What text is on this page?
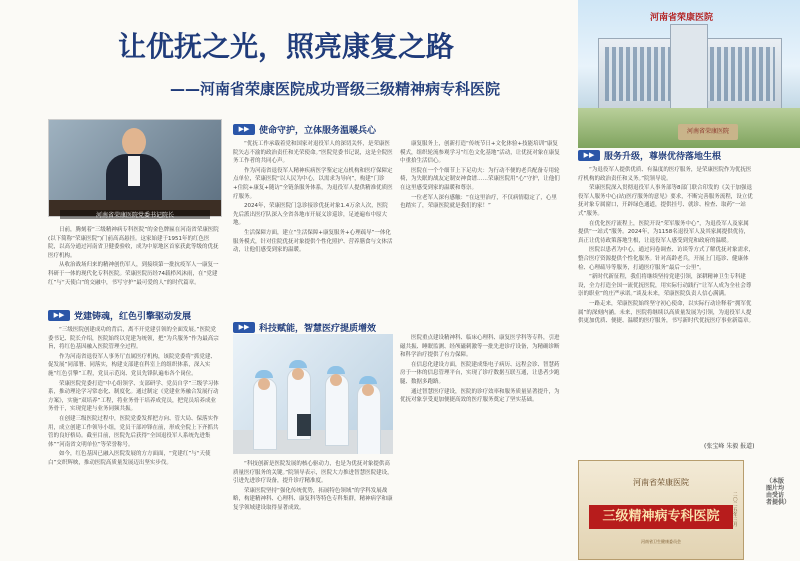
让优抚之光，照亮康复之路
——河南省荣康医院成功晋级三级精神病专科医院
河南省荣康医院
河南省荣康医院
河南省荣康医院党委书记院长

日前，腾刻着“三级精神病专科医院”的金色牌匾在河南省荣康医院(以下简称“荣康医院”)门前高高悬挂。这家始建于1951年的红色医院，以高分通过河南省卫健委验收，成为中原地区首家获此等级的优抚医疗机构。

从收治战场归来的精神创伤军人，到接续第一批抗疫军人一康复一科研于一体的现代化专科医院。荣康医院历经74载栉风沐雨，在“党建红”与“天使白”的交融中，书写守护“最可爱的人”的时代篇章。

▶▶	党建铸魂，红色引擎驱动发展

“三级医院创建成功的背后，离不开党建引领的全面发展。”医院党委书记、院长介绍，医院始终以党建为统领，把“为兵服务”作为最高宗旨，将红色基因融入医院管理全过程。

作为河南省退役军人事务厅直属医疗机构，该院党委将“抓党建、促发展”同部署、同落实，构建支部建在科室上的组织体系，深入实施“红色引擎”工程，党员示范岗、党员先锋队遍布各个岗位。

荣康医院党委打造“中心组领学、支部研学、党员自学”三级学习体系，推动理论学习常态化、制度化。通过制定《党建业务融合发展行动方案》，实施“双培养”工程，将业务骨干培养成党员，把党员培养成业务骨干，实现党建与业务同频共振。

在创建三级医院过程中，医院党委发挥把方向、管大局、保落实作用，成立创建工作领导小组，党员干部冲锋在前，形成全院上下齐抓共管的良好格局。截至目前，医院先后获得“全国退役军人系统先进集体”“河南省文明单位”等荣誉称号。

如今，红色基因已融入医院发展的方方面面，“党建红”与“天使白”交织辉映，推动医院高质量发展迈出坚实步伐。

▶▶	使命守护，立体服务温暖兵心

“优抚工作承载着党和国家对退役军人的深切关怀，是荣康医院矢志不渝的政治责任和光荣使命。”医院党委书记说，这是全院医务工作者的共同心声。

作为河南省退役军人精神疾病医学鉴定定点机构和医疗保障定点单位，荣康医院“以人民为中心，以需求为导向”，构建“门诊+住院+康复+随访”全链条服务体系，为退役军人提供精准优质医疗服务。

2024年，荣康医院门急诊接诊优抚对象1.4万余人次，医院先后派出医疗队深入全省各地市开展义诊巡诊，足迹遍布中原大地。

生活保障方面，建立“生活保障+康复服务+心理疏导”一体化服务模式，针对住院优抚对象提供个性化照护、营养膳食与文体活动，让他们感受到家的温暖。

康复服务上，创新打造“传统节日+文化体验+技能培训”康复模式，组织轮流参观学习“红色文化基地”活动，让优抚对象在康复中重拾生活信心。

医院在一个个细节上下足功夫：为行动不便的老兵配备专用轮椅，为失眠的战友定制安神食谱……荣康医院用“心”守护，让他们在这里感受到家的温暖和尊崇。

一位老军人深有感触：“在这里治疗，不仅病情稳定了，心里也踏实了，荣康医院就是我们的家！”

▶▶	科技赋能，智慧医疗提质增效

“科技创新是医院发展的核心驱动力，也是为优抚对象提供高质量医疗服务的关键。”院领导表示，医院大力推进智慧医院建设，引进先进诊疗设备，提升诊疗精准度。

荣康医院坚持“强化传统优势，拓展特色领域”的学科发展战略，构建精神科、心理科、康复科等特色专科集群，精神病学和康复学领域建设取得显著成效。

医院重点建设精神科、临床心理科、康复医学科等专科，引进磁共振、睡眠监测、经颅磁刺激等一批先进诊疗设备，为精确诊断和科学治疗提供了有力保障。

在信息化建设方面，医院建成集电子病历、远程会诊、智慧药房于一体的信息管理平台，实现了诊疗数据互联互通，让患者少跑腿、数据多跑路。

通过智慧医疗建设，医院的诊疗效率和服务质量显著提升，为优抚对象享受更加便捷高效的医疗服务奠定了坚实基础。

▶▶	服务升级，尊崇优待落地生根

“为退役军人提供优质、有温度的医疗服务，是荣康医院作为优抚医疗机构的政治责任和义务。”院领导说。

荣康医院深入贯彻退役军人事务部等8部门联合印发的《关于加强退役军人服务中心(站)医疗服务的意见》要求，不断完善服务流程，设立优抚对象专属窗口，开辟绿色通道，提供挂号、就诊、检查、取药“一站式”服务。

在优化医疗流程上，医院开设“荣军服务中心”，为退役军人及家属提供“一站式”服务。2024年，为1158名退役军人及其家属提供优待，真正让优待政策落地生根，让退役军人感受到党和政府的温暖。

医院以患者为中心，通过问卷调查、访谈等方式了解优抚对象需求，整合医疗资源提供个性化服务。针对高龄老兵，开展上门巡诊、健康体检、心理疏导等服务，打通医疗服务“最后一公里”。

“新时代新征程，我们将继续坚持党建引领，深耕精神卫生专科建设，全力打造全国一流优抚医院，用实际行动践行“让军人成为全社会尊崇的职业”的庄严承诺。”谈及未来，荣康医院负责人信心满满。

一路走来，荣康医院始终坚守初心使命，以实际行动诠释着“拥军优属”的深刻内涵。未来，医院将继续以高质量发展为引领，为退役军人提供更加优质、便捷、温暖的医疗服务，书写新时代优抚医疗事业新篇章。

(张宝峰 朱毅 报道)
河南省荣康医院
三级精神病专科医院
二〇二五年三月
河南省卫生健康委员会
（本版图片均由受访者提供）
